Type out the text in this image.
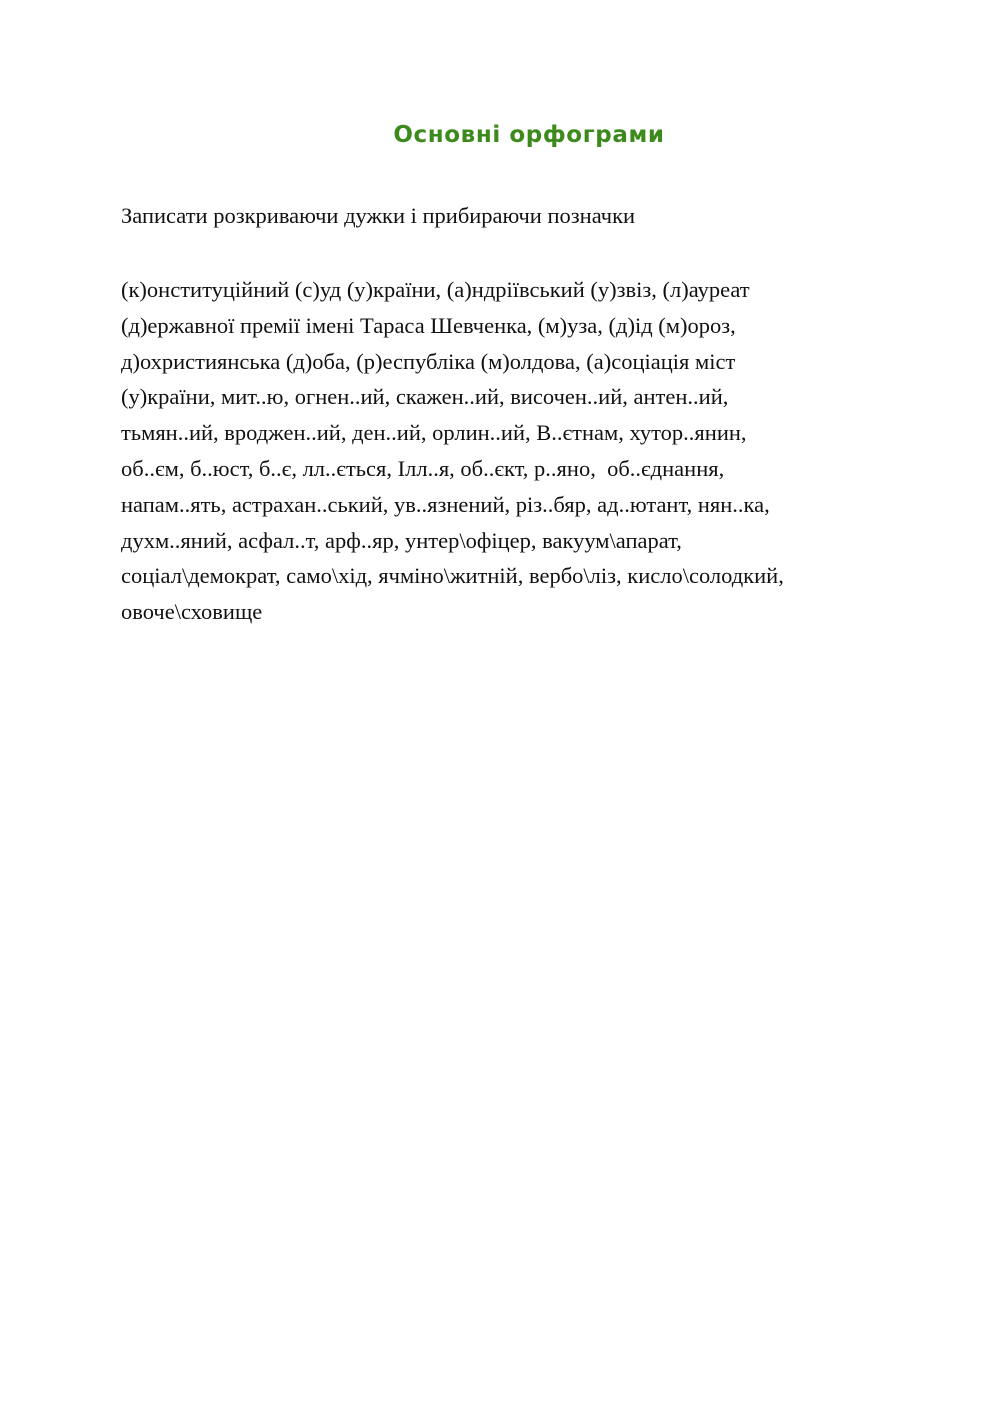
Основні орфограми

Записати розкриваючи дужки і прибираючи позначки

(к)онституційний (с)уд (у)країни, (а)ндріївський (у)звіз, (л)ауреат
(д)ержавної премії імені Тараса Шевченка, (м)уза, (д)ід (м)ороз,
д)охристиянська (д)оба, (р)еспубліка (м)олдова, (а)соціація міст
(у)країни, мит..ю, огнен..ий, скажен..ий, височен..ий, антен..ий,
тьмян..ий, вроджен..ий, ден..ий, орлин..ий, В..єтнам, хутор..янин,
об..єм, б..юст, б..є, лл..ється, Ілл..я, об..єкт, р..яно,  об..єднання,
напам..ять, астрахан..ський, ув..язнений, різ..бяр, ад..ютант, нян..ка,
духм..яний, асфал..т, арф..яр, унтер\офіцер, вакуум\апарат,
соціал\демократ, само\хід, ячміно\житній, вербо\ліз, кисло\солодкий,
овоче\сховище
